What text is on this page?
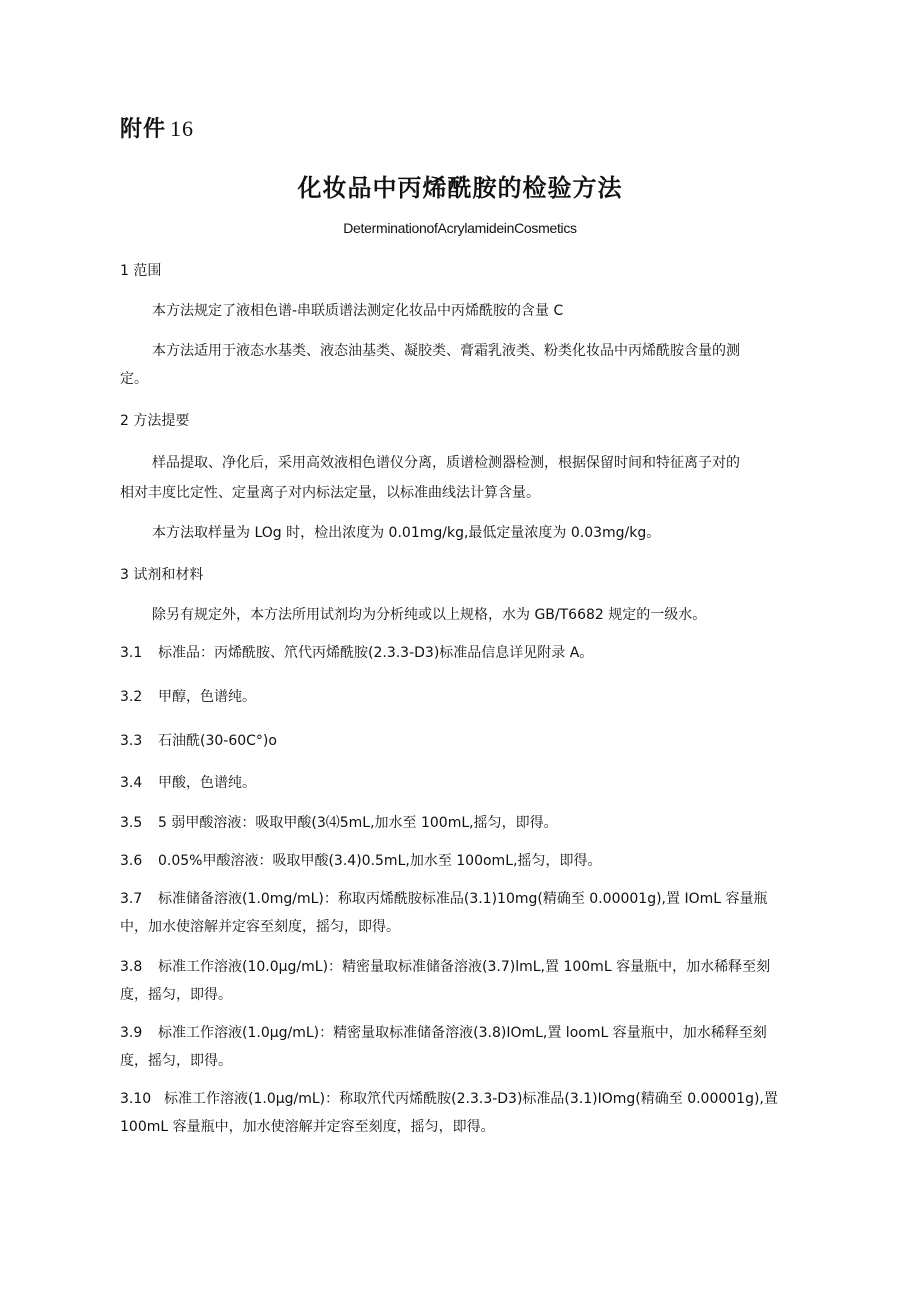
附件 16
化妆品中丙烯酰胺的检验方法
DeterminationofAcrylamideinCosmetics
1 范围
本方法规定了液相色谱-串联质谱法测定化妆品中丙烯酰胺的含量 C
本方法适用于液态水基类、液态油基类、凝胶类、膏霜乳液类、粉类化妆品中丙烯酰胺含量的测
定。
2 方法提要
样品提取、净化后，采用高效液相色谱仪分离，质谱检测器检测，根据保留时间和特征离子对的
相对丰度比定性、定量离子对内标法定量，以标准曲线法计算含量。
本方法取样量为 LOg 时，检出浓度为 0.01mg/kg,最低定量浓度为 0.03mg/kg。
3 试剂和材料
除另有规定外，本方法所用试剂均为分析纯或以上规格，水为 GB/T6682 规定的一级水。
3.1 标准品：丙烯酰胺、笊代丙烯酰胺(2.3.3-D3)标准品信息详见附录 A。
3.2 甲醇，色谱纯。
3.3 石油酰(30-60C°)o
3.4 甲酸，色谱纯。
3.5 5 弱甲酸溶液：吸取甲酸(3⑷5mL,加水至 100mL,摇匀，即得。
3.6 0.05%甲酸溶液：吸取甲酸(3.4)0.5mL,加水至 100omL,摇匀，即得。
3.7 标准储备溶液(1.0mg/mL)：称取丙烯酰胺标准品(3.1)10mg(精确至 0.00001g),置 IOmL 容量瓶
中，加水使溶解并定容至刻度，摇匀，即得。
3.8 标准工作溶液(10.0μg/mL)：精密量取标准储备溶液(3.7)lmL,置 100mL 容量瓶中，加水稀释至刻
度，摇匀，即得。
3.9 标准工作溶液(1.0μg/mL)：精密量取标准储备溶液(3.8)IOmL,置 loomL 容量瓶中，加水稀释至刻
度，摇匀，即得。
3.10 标准工作溶液(1.0μg/mL)：称取笊代丙烯酰胺(2.3.3-D3)标准品(3.1)IOmg(精确至 0.00001g),置
100mL 容量瓶中，加水使溶解并定容至刻度，摇匀，即得。
